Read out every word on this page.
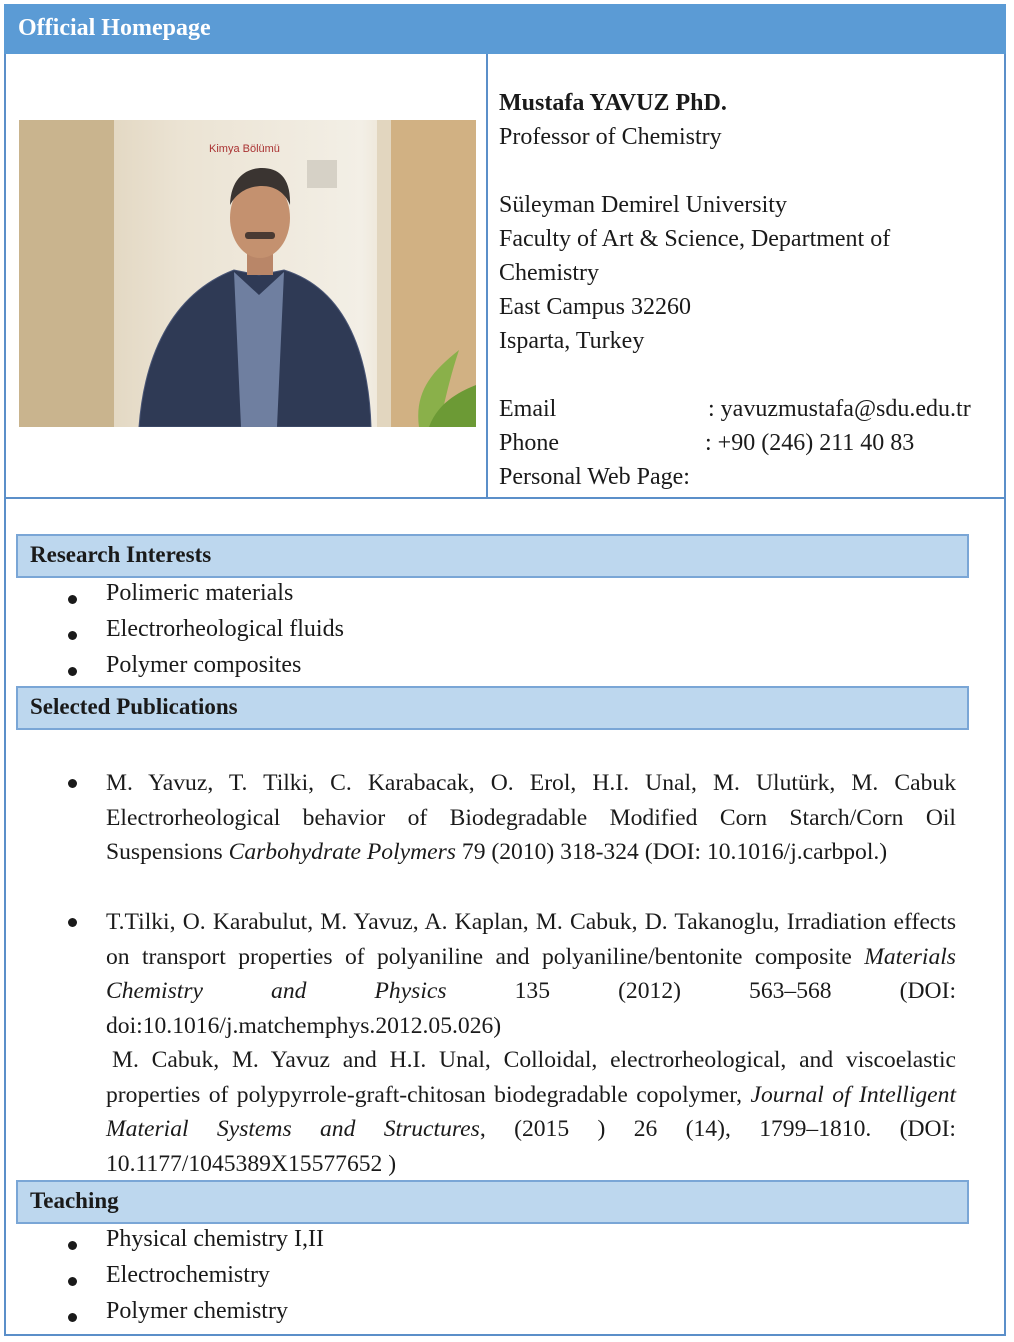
Official Homepage
Kimya Bölümü
Mustafa YAVUZ PhD.
Professor of Chemistry
Süleyman Demirel University
Faculty of Art & Science, Department of
Chemistry
East Campus 32260
Isparta, Turkey
Email	: yavuzmustafa@sdu.edu.tr
Phone	: +90 (246) 211 40 83
Personal Web Page:
Research Interests
Polimeric materials
Electrorheological fluids
Polymer composites
Selected Publications
M. Yavuz, T. Tilki, C. Karabacak, O. Erol, H.I. Unal, M. Ulutürk, M. Cabuk Electrorheological behavior of Biodegradable Modified Corn Starch/Corn Oil Suspensions Carbohydrate Polymers 79 (2010) 318-324 (DOI: 10.1016/j.carbpol.)
T.Tilki, O. Karabulut, M. Yavuz, A. Kaplan, M. Cabuk, D. Takanoglu, Irradiation effects on transport properties of polyaniline and polyaniline/bentonite composite Materials Chemistry and Physics	135 (2012) 563–568 (DOI: doi:10.1016/j.matchemphys.2012.05.026)
M. Cabuk, M. Yavuz and H.I. Unal, Colloidal, electrorheological, and viscoelastic properties of polypyrrole-graft-chitosan biodegradable copolymer, Journal of Intelligent Material Systems and Structures, (2015 ) 26 (14), 1799–1810. (DOI: 10.1177/1045389X15577652 )
Teaching
Physical chemistry I,II
Electrochemistry
Polymer chemistry
